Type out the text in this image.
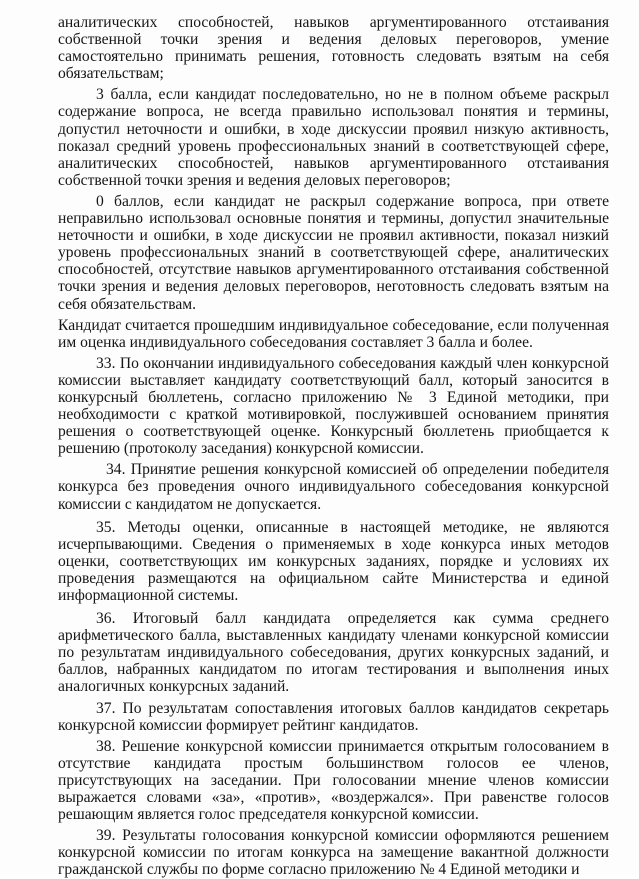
аналитических способностей, навыков аргументированного отстаивания собственной точки зрения и ведения деловых переговоров, умение самостоятельно принимать решения, готовность следовать взятым на себя обязательствам;

3 балла, если кандидат последовательно, но не в полном объеме раскрыл содержание вопроса, не всегда правильно использовал понятия и термины, допустил неточности и ошибки, в ходе дискуссии проявил низкую активность, показал средний уровень профессиональных знаний в соответствующей сфере, аналитических способностей, навыков аргументированного отстаивания собственной точки зрения и ведения деловых переговоров;

0 баллов, если кандидат не раскрыл содержание вопроса, при ответе неправильно использовал основные понятия и термины, допустил значительные неточности и ошибки, в ходе дискуссии не проявил активности, показал низкий уровень профессиональных знаний в соответствующей сфере, аналитических способностей, отсутствие навыков аргументированного отстаивания собственной точки зрения и ведения деловых переговоров, неготовность следовать взятым на себя обязательствам.

Кандидат считается прошедшим индивидуальное собеседование, если полученная им оценка индивидуального собеседования составляет 3 балла и более.

33. По окончании индивидуального собеседования каждый член конкурсной комиссии выставляет кандидату соответствующий балл, который заносится в конкурсный бюллетень, согласно приложению № 3 Единой методики, при необходимости с краткой мотивировкой, послужившей основанием принятия решения о соответствующей оценке. Конкурсный бюллетень приобщается к решению (протоколу заседания) конкурсной комиссии.

34. Принятие решения конкурсной комиссией об определении победителя конкурса без проведения очного индивидуального собеседования конкурсной комиссии с кандидатом не допускается.

35. Методы оценки, описанные в настоящей методике, не являются исчерпывающими. Сведения о применяемых в ходе конкурса иных методов оценки, соответствующих им конкурсных заданиях, порядке и условиях их проведения размещаются на официальном сайте Министерства и единой информационной системы.

36. Итоговый балл кандидата определяется как сумма среднего арифметического балла, выставленных кандидату членами конкурсной комиссии по результатам индивидуального собеседования, других конкурсных заданий, и баллов, набранных кандидатом по итогам тестирования и выполнения иных аналогичных конкурсных заданий.

37. По результатам сопоставления итоговых баллов кандидатов секретарь конкурсной комиссии формирует рейтинг кандидатов.

38. Решение конкурсной комиссии принимается открытым голосованием в отсутствие кандидата простым большинством голосов ее членов, присутствующих на заседании. При голосовании мнение членов комиссии выражается словами «за», «против», «воздержался». При равенстве голосов решающим является голос председателя конкурсной комиссии.

39. Результаты голосования конкурсной комиссии оформляются решением конкурсной комиссии по итогам конкурса на замещение вакантной должности гражданской службы по форме согласно приложению № 4 Единой методики и
